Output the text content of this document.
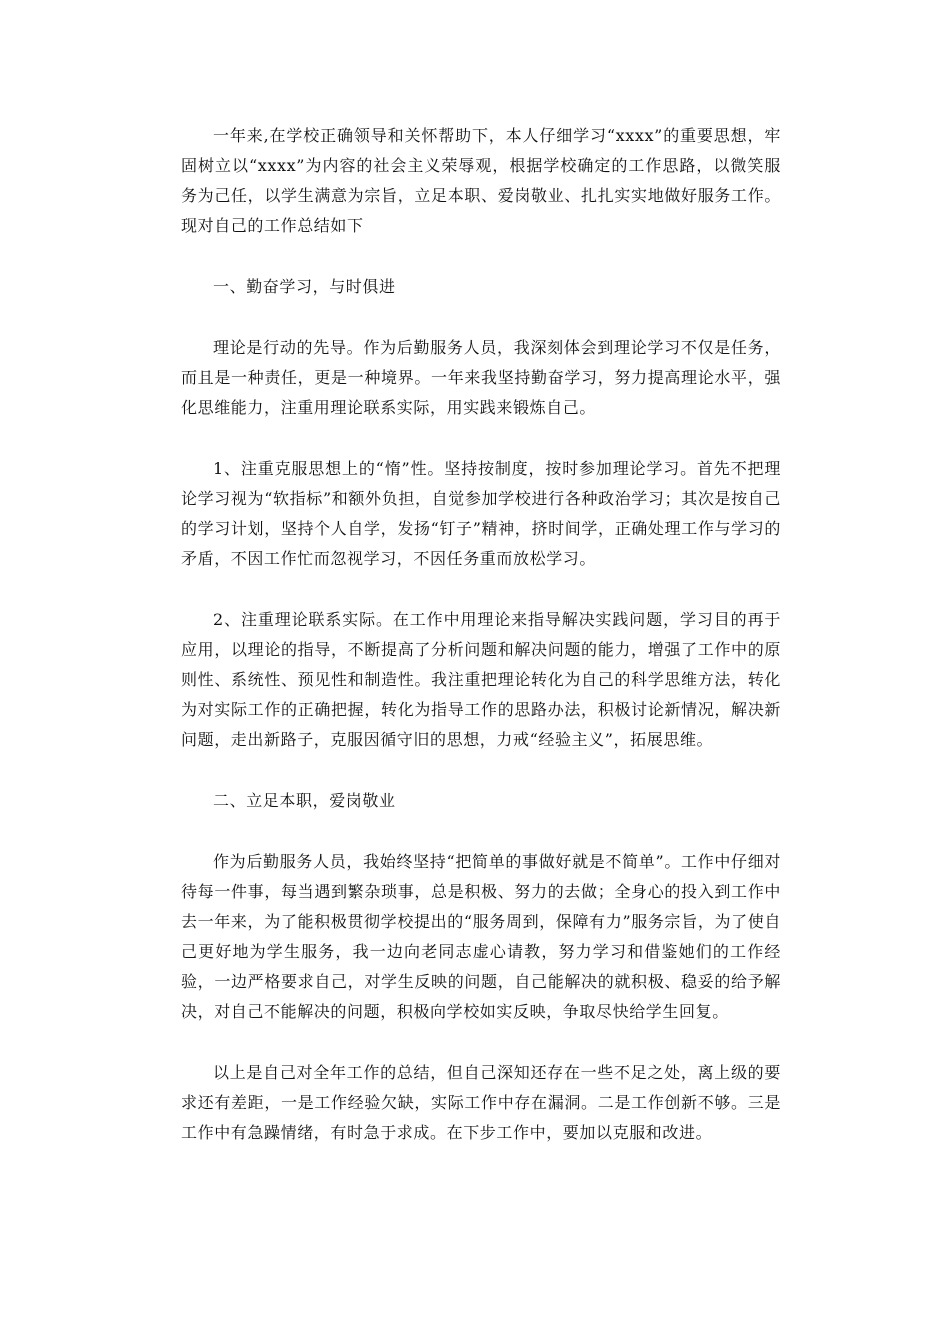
一年来,在学校正确领导和关怀帮助下，本人仔细学习“xxxx”的重要思想，牢固树立以“xxxx”为内容的社会主义荣辱观，根据学校确定的工作思路，以微笑服务为己任，以学生满意为宗旨，立足本职、爱岗敬业、扎扎实实地做好服务工作。现对自己的工作总结如下

一、勤奋学习，与时俱进

理论是行动的先导。作为后勤服务人员，我深刻体会到理论学习不仅是任务，而且是一种责任，更是一种境界。一年来我坚持勤奋学习，努力提高理论水平，强化思维能力，注重用理论联系实际，用实践来锻炼自己。

1、注重克服思想上的“惰”性。坚持按制度，按时参加理论学习。首先不把理论学习视为“软指标”和额外负担，自觉参加学校进行各种政治学习；其次是按自己的学习计划，坚持个人自学，发扬“钉子”精神，挤时间学，正确处理工作与学习的矛盾，不因工作忙而忽视学习，不因任务重而放松学习。

2、注重理论联系实际。在工作中用理论来指导解决实践问题，学习目的再于应用，以理论的指导，不断提高了分析问题和解决问题的能力，增强了工作中的原则性、系统性、预见性和制造性。我注重把理论转化为自己的科学思维方法，转化为对实际工作的正确把握，转化为指导工作的思路办法，积极讨论新情况，解决新问题，走出新路子，克服因循守旧的思想，力戒“经验主义”，拓展思维。

二、立足本职，爱岗敬业

作为后勤服务人员，我始终坚持“把简单的事做好就是不简单”。工作中仔细对待每一件事，每当遇到繁杂琐事，总是积极、努力的去做；全身心的投入到工作中去一年来，为了能积极贯彻学校提出的“服务周到，保障有力”服务宗旨，为了使自己更好地为学生服务，我一边向老同志虚心请教，努力学习和借鉴她们的工作经验，一边严格要求自己，对学生反映的问题，自己能解决的就积极、稳妥的给予解决，对自己不能解决的问题，积极向学校如实反映，争取尽快给学生回复。

以上是自己对全年工作的总结，但自己深知还存在一些不足之处，离上级的要求还有差距，一是工作经验欠缺，实际工作中存在漏洞。二是工作创新不够。三是工作中有急躁情绪，有时急于求成。在下步工作中，要加以克服和改进。
